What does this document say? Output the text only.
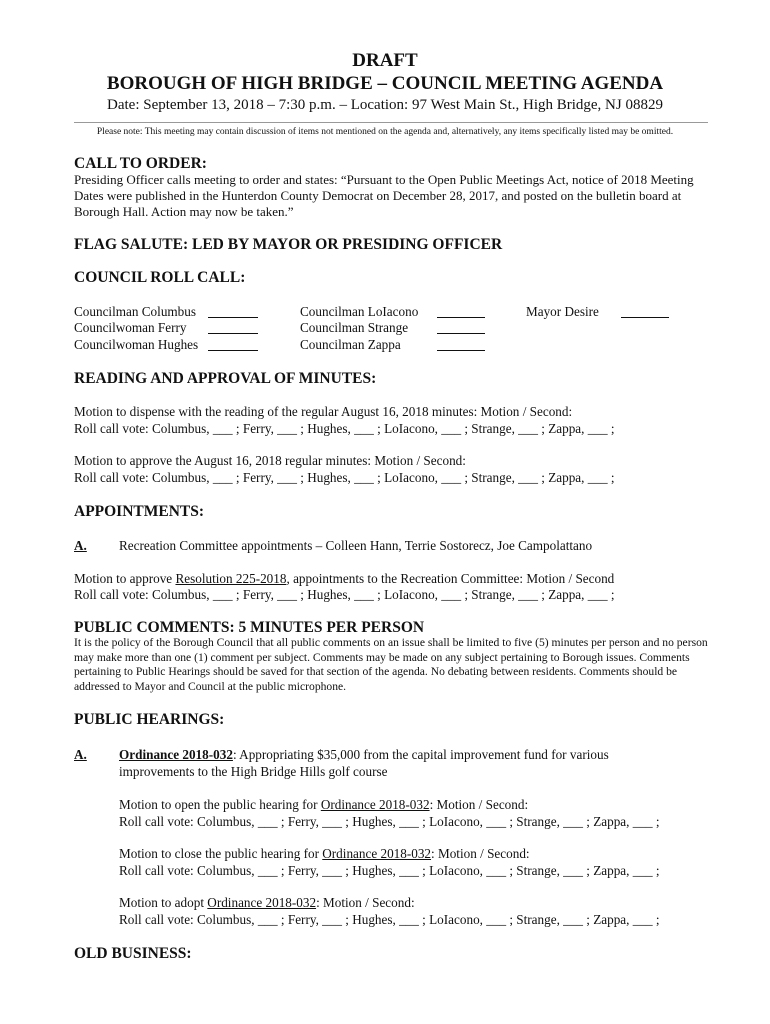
DRAFT
BOROUGH OF HIGH BRIDGE – COUNCIL MEETING AGENDA
Date: September 13, 2018 – 7:30 p.m. – Location: 97 West Main St., High Bridge, NJ 08829
Please note: This meeting may contain discussion of items not mentioned on the agenda and, alternatively, any items specifically listed may be omitted.
CALL TO ORDER:
Presiding Officer calls meeting to order and states: “Pursuant to the Open Public Meetings Act, notice of 2018 Meeting Dates were published in the Hunterdon County Democrat on December 28, 2017, and posted on the bulletin board at Borough Hall. Action may now be taken.”
FLAG SALUTE: LED BY MAYOR OR PRESIDING OFFICER
COUNCIL ROLL CALL:
Councilman Columbus
Councilwoman Ferry
Councilwoman Hughes
Councilman LoIacono
Councilman Strange
Councilman Zappa
Mayor Desire
READING AND APPROVAL OF MINUTES:
Motion to dispense with the reading of the regular August 16, 2018 minutes: Motion / Second:
Roll call vote: Columbus, ___ ; Ferry, ___ ; Hughes, ___ ; LoIacono, ___ ; Strange, ___ ; Zappa, ___ ;
Motion to approve the August 16, 2018 regular minutes: Motion / Second:
Roll call vote: Columbus, ___ ; Ferry, ___ ; Hughes, ___ ; LoIacono, ___ ; Strange, ___ ; Zappa, ___ ;
APPOINTMENTS:
A. Recreation Committee appointments – Colleen Hann, Terrie Sostorecz, Joe Campolattano
Motion to approve Resolution 225-2018, appointments to the Recreation Committee: Motion / Second
Roll call vote: Columbus, ___ ; Ferry, ___ ; Hughes, ___ ; LoIacono, ___ ; Strange, ___ ; Zappa, ___ ;
PUBLIC COMMENTS: 5 MINUTES PER PERSON
It is the policy of the Borough Council that all public comments on an issue shall be limited to five (5) minutes per person and no person may make more than one (1) comment per subject. Comments may be made on any subject pertaining to Borough issues. Comments pertaining to Public Hearings should be saved for that section of the agenda. No debating between residents. Comments should be addressed to Mayor and Council at the public microphone.
PUBLIC HEARINGS:
A. Ordinance 2018-032: Appropriating $35,000 from the capital improvement fund for various
improvements to the High Bridge Hills golf course
Motion to open the public hearing for Ordinance 2018-032: Motion / Second:
Roll call vote: Columbus, ___ ; Ferry, ___ ; Hughes, ___ ; LoIacono, ___ ; Strange, ___ ; Zappa, ___ ;
Motion to close the public hearing for Ordinance 2018-032: Motion / Second:
Roll call vote: Columbus, ___ ; Ferry, ___ ; Hughes, ___ ; LoIacono, ___ ; Strange, ___ ; Zappa, ___ ;
Motion to adopt Ordinance 2018-032: Motion / Second:
Roll call vote: Columbus, ___ ; Ferry, ___ ; Hughes, ___ ; LoIacono, ___ ; Strange, ___ ; Zappa, ___ ;
OLD BUSINESS:
